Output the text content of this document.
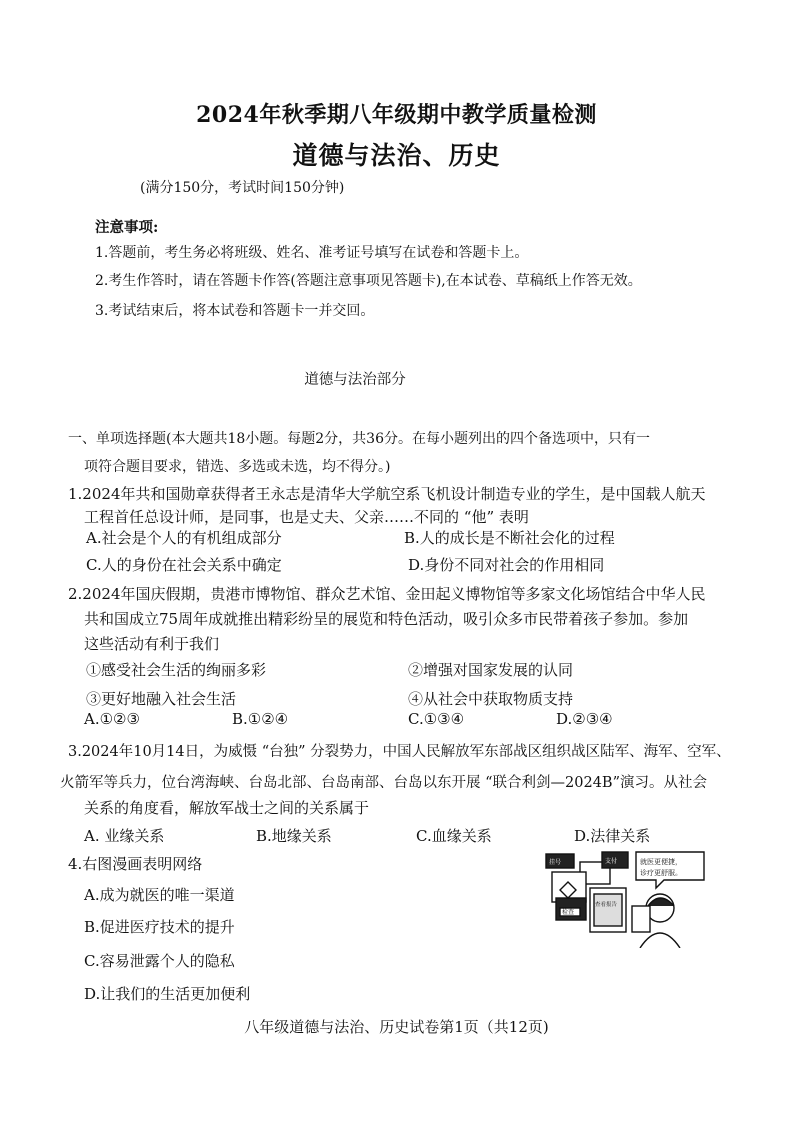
2024年秋季期八年级期中教学质量检测
道德与法治、历史
(满分150分，考试时间150分钟)
注意事项:
1.答题前，考生务必将班级、姓名、准考证号填写在试卷和答题卡上。
2.考生作答时，请在答题卡作答(答题注意事项见答题卡),在本试卷、草稿纸上作答无效。
3.考试结束后，将本试卷和答题卡一并交回。
道德与法治部分
一、单项选择题(本大题共18小题。每题2分，共36分。在每小题列出的四个备选项中，只有一
项符合题目要求，错选、多选或未选，均不得分。)
1.2024年共和国勋章获得者王永志是清华大学航空系飞机设计制造专业的学生，是中国载人航天
工程首任总设计师，是同事，也是丈夫、父亲……不同的 “他” 表明
A.社会是个人的有机组成部分	B.人的成长是不断社会化的过程
C.人的身份在社会关系中确定	D.身份不同对社会的作用相同
2.2024年国庆假期，贵港市博物馆、群众艺术馆、金田起义博物馆等多家文化场馆结合中华人民
共和国成立75周年成就推出精彩纷呈的展览和特色活动，吸引众多市民带着孩子参加。参加
这些活动有利于我们
①感受社会生活的绚丽多彩	②增强对国家发展的认同
③更好地融入社会生活	④从社会中获取物质支持
A.①②③	B.①②④	C.①③④	D.②③④
3.2024年10月14日，为威慑 “台独” 分裂势力，中国人民解放军东部战区组织战区陆军、海军、空军、
火箭军等兵力，位台湾海峡、台岛北部、台岛南部、台岛以东开展 “联合利剑—2024B”演习。从社会
关系的角度看，解放军战士之间的关系属于
A. 业缘关系	B.地缘关系	C.血缘关系	D.法律关系
4.右图漫画表明网络
A.成为就医的唯一渠道
B.促进医疗技术的提升
C.容易泄露个人的隐私
D.让我们的生活更加便利
挂号	支付
检查
查看报告
就医更便捷，
诊疗更舒服。
八年级道德与法治、历史试卷第1页（共12页)
